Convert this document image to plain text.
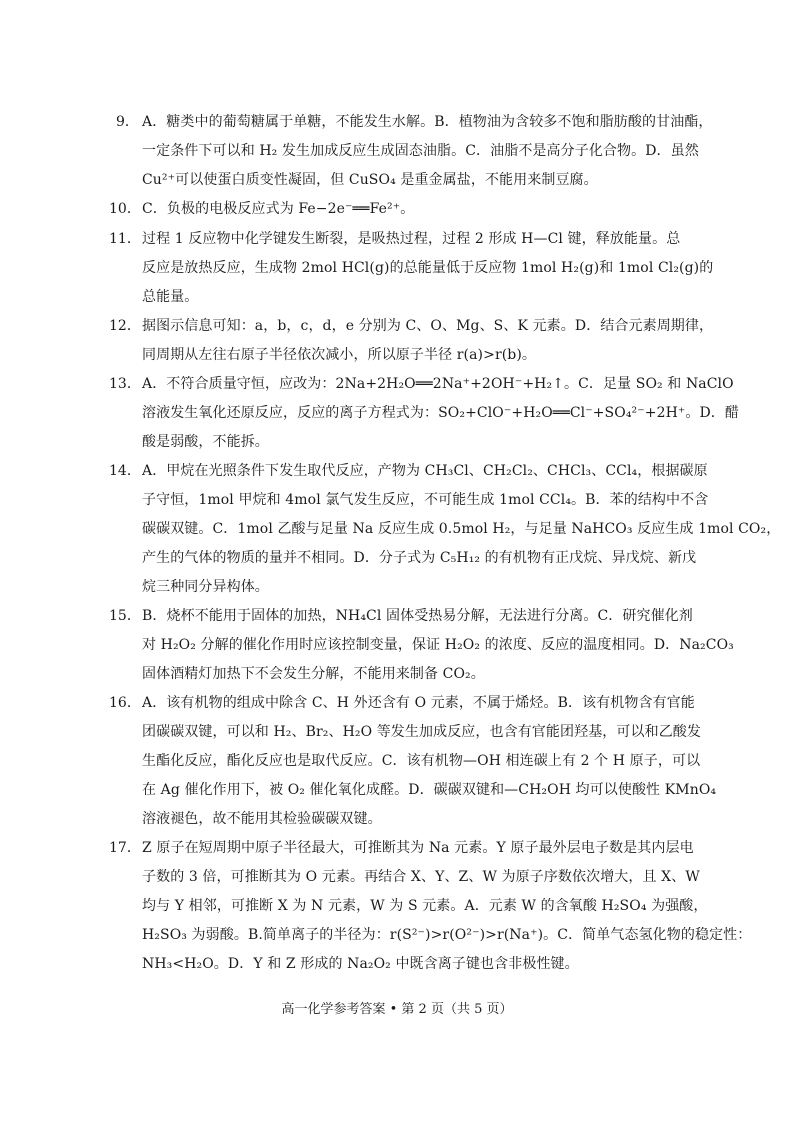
9． A．糖类中的葡萄糖属于单糖，不能发生水解。B．植物油为含较多不饱和脂肪酸的甘油酯，
一定条件下可以和 H₂ 发生加成反应生成固态油脂。C．油脂不是高分子化合物。D．虽然
Cu²⁺可以使蛋白质变性凝固，但 CuSO₄ 是重金属盐，不能用来制豆腐。
10． C．负极的电极反应式为 Fe−2e⁻══Fe²⁺。
11． 过程 1 反应物中化学键发生断裂，是吸热过程，过程 2 形成 H—Cl 键，释放能量。总
反应是放热反应，生成物 2mol HCl(g)的总能量低于反应物 1mol H₂(g)和 1mol Cl₂(g)的
总能量。
12． 据图示信息可知：a，b，c，d，e 分别为 C、O、Mg、S、K 元素。D．结合元素周期律，
同周期从左往右原子半径依次减小，所以原子半径 r(a)>r(b)。
13． A．不符合质量守恒，应改为：2Na+2H₂O══2Na⁺+2OH⁻+H₂↑。C．足量 SO₂ 和 NaClO
溶液发生氧化还原反应，反应的离子方程式为：SO₂+ClO⁻+H₂O══Cl⁻+SO₄²⁻+2H⁺。D．醋
酸是弱酸，不能拆。
14． A．甲烷在光照条件下发生取代反应，产物为 CH₃Cl、CH₂Cl₂、CHCl₃、CCl₄，根据碳原
子守恒，1mol 甲烷和 4mol 氯气发生反应，不可能生成 1mol CCl₄。B．苯的结构中不含
碳碳双键。C．1mol 乙酸与足量 Na 反应生成 0.5mol H₂，与足量 NaHCO₃ 反应生成 1mol CO₂，
产生的气体的物质的量并不相同。D．分子式为 C₅H₁₂ 的有机物有正戊烷、异戊烷、新戊
烷三种同分异构体。
15． B．烧杯不能用于固体的加热，NH₄Cl 固体受热易分解，无法进行分离。C．研究催化剂
对 H₂O₂ 分解的催化作用时应该控制变量，保证 H₂O₂ 的浓度、反应的温度相同。D．Na₂CO₃
固体酒精灯加热下不会发生分解，不能用来制备 CO₂。
16． A．该有机物的组成中除含 C、H 外还含有 O 元素，不属于烯烃。B．该有机物含有官能
团碳碳双键，可以和 H₂、Br₂、H₂O 等发生加成反应，也含有官能团羟基，可以和乙酸发
生酯化反应，酯化反应也是取代反应。C．该有机物—OH 相连碳上有 2 个 H 原子，可以
在 Ag 催化作用下，被 O₂ 催化氧化成醛。D．碳碳双键和—CH₂OH 均可以使酸性 KMnO₄
溶液褪色，故不能用其检验碳碳双键。
17． Z 原子在短周期中原子半径最大，可推断其为 Na 元素。Y 原子最外层电子数是其内层电
子数的 3 倍，可推断其为 O 元素。再结合 X、Y、Z、W 为原子序数依次增大，且 X、W
均与 Y 相邻，可推断 X 为 N 元素，W 为 S 元素。A．元素 W 的含氧酸 H₂SO₄ 为强酸，
H₂SO₃ 为弱酸。B.简单离子的半径为：r(S²⁻)>r(O²⁻)>r(Na⁺)。C．简单气态氢化物的稳定性：
NH₃<H₂O。D．Y 和 Z 形成的 Na₂O₂ 中既含离子键也含非极性键。
高一化学参考答案 • 第 2 页（共 5 页）
